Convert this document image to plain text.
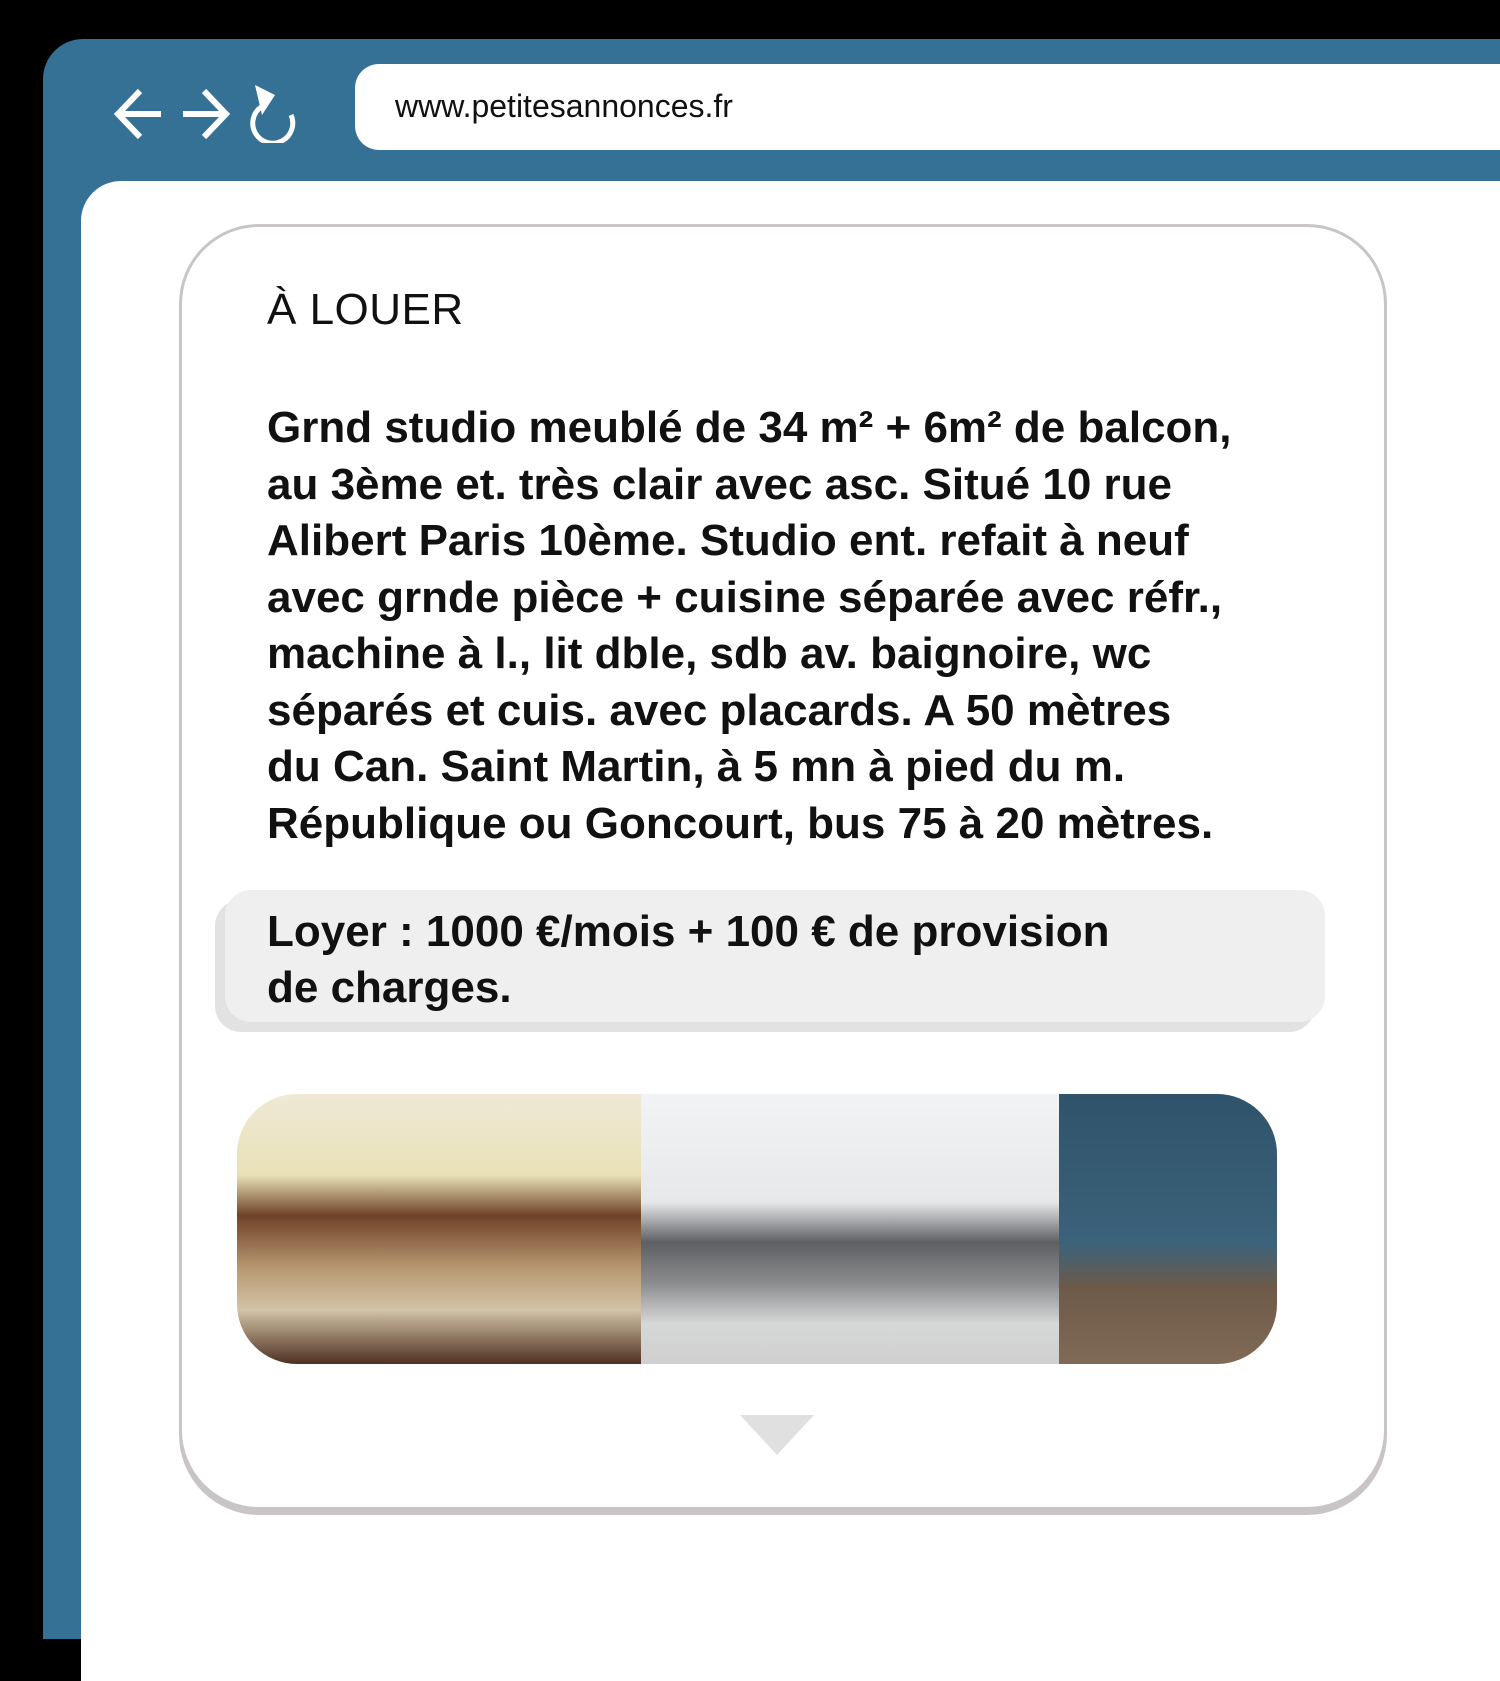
www.petitesannonces.fr
À LOUER
Grnd studio meublé de 34 m² + 6m² de balcon,
au 3ème et. très clair avec asc. Situé 10 rue
Alibert Paris 10ème. Studio ent. refait à neuf
avec grnde pièce + cuisine séparée avec réfr.,
machine à l., lit dble, sdb av. baignoire, wc
séparés et cuis. avec placards. A 50 mètres
du Can. Saint Martin, à 5 mn à pied du m.
République ou Goncourt, bus 75 à 20 mètres.
Loyer : 1000 €/mois + 100 € de provision
de charges.
